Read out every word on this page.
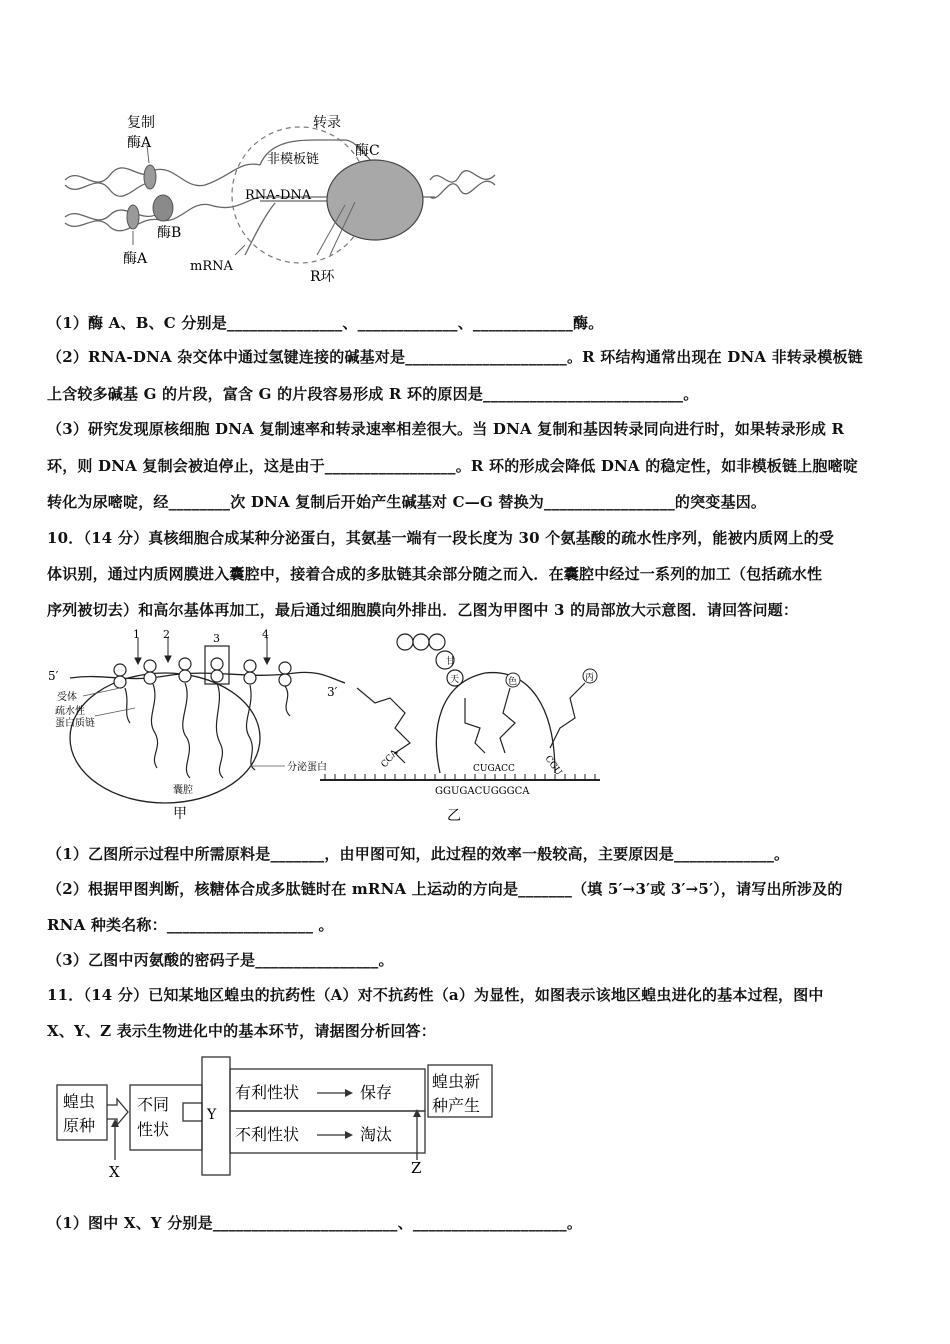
复制
酶A
酶B
酶A
转录
非模板链
酶C
RNA-DNA
mRNA
R环
（1）酶 A、B、C 分别是_______________、_____________、_____________酶。
（2）RNA-DNA 杂交体中通过氢键连接的碱基对是_____________________。R 环结构通常出现在 DNA 非转录模板链
上含较多碱基 G 的片段，富含 G 的片段容易形成 R 环的原因是__________________________。
（3）研究发现原核细胞 DNA 复制速率和转录速率相差很大。当 DNA 复制和基因转录同向进行时，如果转录形成 R
环，则 DNA 复制会被迫停止，这是由于_________________。R 环的形成会降低 DNA 的稳定性，如非模板链上胞嘧啶
转化为尿嘧啶，经________次 DNA 复制后开始产生碱基对 C—G 替换为_________________的突变基因。
10．（14 分）真核细胞合成某种分泌蛋白，其氨基一端有一段长度为 30 个氨基酸的疏水性序列，能被内质网上的受
体识别，通过内质网膜进入囊腔中，接着合成的多肽链其余部分随之而入．在囊腔中经过一系列的加工（包括疏水性
序列被切去）和高尔基体再加工，最后通过细胞膜向外排出．乙图为甲图中 3 的局部放大示意图．请回答问题：
1 2	3	4
5′
3′
受体
疏水性
蛋白质链
分泌蛋白
囊腔
甲
甘
天	色	丙
CCA	CUGACC	CGU
GGUGACUGGGCA
乙
（1）乙图所示过程中所需原料是_______，由甲图可知，此过程的效率一般较高，主要原因是_____________。
（2）根据甲图判断，核糖体合成多肽链时在 mRNA 上运动的方向是_______（填 5′→3′或 3′→5′），请写出所涉及的
RNA 种类名称：___________________ 。
（3）乙图中丙氨酸的密码子是________________。
11．（14 分）已知某地区蝗虫的抗药性（A）对不抗药性（a）为显性，如图表示该地区蝗虫进化的基本过程，图中
X、Y、Z 表示生物进化中的基本环节，请据图分析回答：
蝗虫
原种
不同
性状
Y
有利性状	保存
不利性状	淘汰
蝗虫新
种产生
X	Z
（1）图中 X、Y 分别是________________________、____________________。
